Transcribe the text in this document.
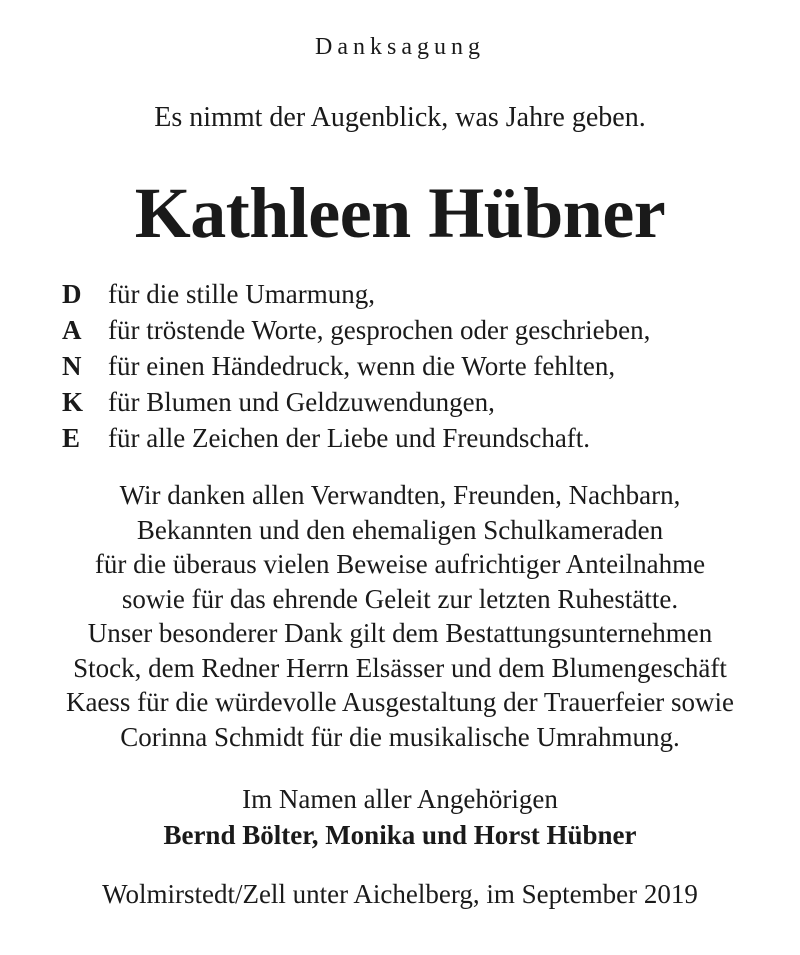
Danksagung
Es nimmt der Augenblick, was Jahre geben.
Kathleen Hübner
D für die stille Umarmung,
A für tröstende Worte, gesprochen oder geschrieben,
N für einen Händedruck, wenn die Worte fehlten,
K für Blumen und Geldzuwendungen,
E	für alle Zeichen der Liebe und Freundschaft.
Wir danken allen Verwandten, Freunden, Nachbarn,
Bekannten und den ehemaligen Schulkameraden
für die überaus vielen Beweise aufrichtiger Anteilnahme
sowie für das ehrende Geleit zur letzten Ruhestätte.
Unser besonderer Dank gilt dem Bestattungsunternehmen
Stock, dem Redner Herrn Elsässer und dem Blumengeschäft
Kaess für die würdevolle Ausgestaltung der Trauerfeier sowie
Corinna Schmidt für die musikalische Umrahmung.
Im Namen aller Angehörigen
Bernd Bölter, Monika und Horst Hübner
Wolmirstedt/Zell unter Aichelberg, im September 2019
